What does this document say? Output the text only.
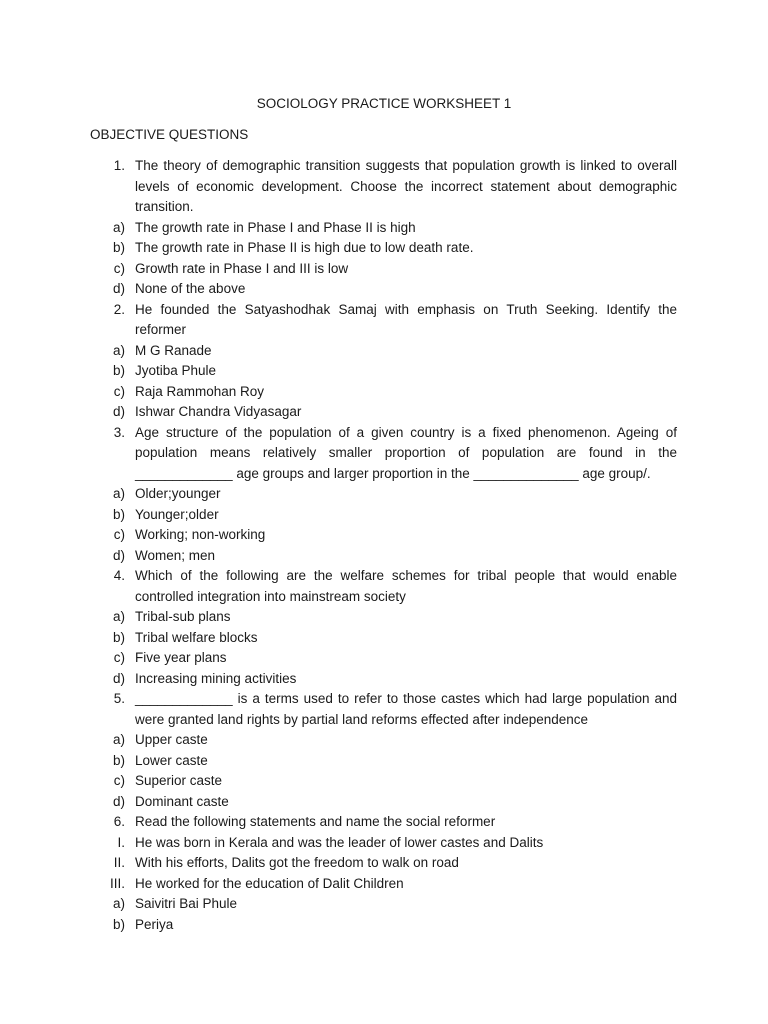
SOCIOLOGY PRACTICE WORKSHEET 1
OBJECTIVE QUESTIONS
1. The theory of demographic transition suggests that population growth is linked to overall levels of economic development. Choose the incorrect statement about demographic transition.
a) The growth rate in Phase I and Phase II is high
b) The growth rate in Phase II is high due to low death rate.
c) Growth rate in Phase I and III is low
d) None of the above
2. He founded the Satyashodhak Samaj with emphasis on Truth Seeking. Identify the reformer
a) M G Ranade
b) Jyotiba Phule
c) Raja Rammohan Roy
d) Ishwar Chandra Vidyasagar
3. Age structure of the population of a given country is a fixed phenomenon. Ageing of population means relatively smaller proportion of population are found in the _____________ age groups and larger proportion in the ______________ age group/.
a) Older;younger
b) Younger;older
c) Working; non-working
d) Women; men
4. Which of the following are the welfare schemes for tribal people that would enable controlled integration into mainstream society
a) Tribal-sub plans
b) Tribal welfare blocks
c) Five year plans
d) Increasing mining activities
5. _____________ is a terms used to refer to those castes which had large population and were granted land rights by partial land reforms effected after independence
a) Upper caste
b) Lower caste
c) Superior caste
d) Dominant caste
6. Read the following statements and name the social reformer
I. He was born in Kerala and was the leader of lower castes and Dalits
II. With his efforts, Dalits got the freedom to walk on road
III. He worked for the education of Dalit Children
a) Saivitri Bai Phule
b) Periya
